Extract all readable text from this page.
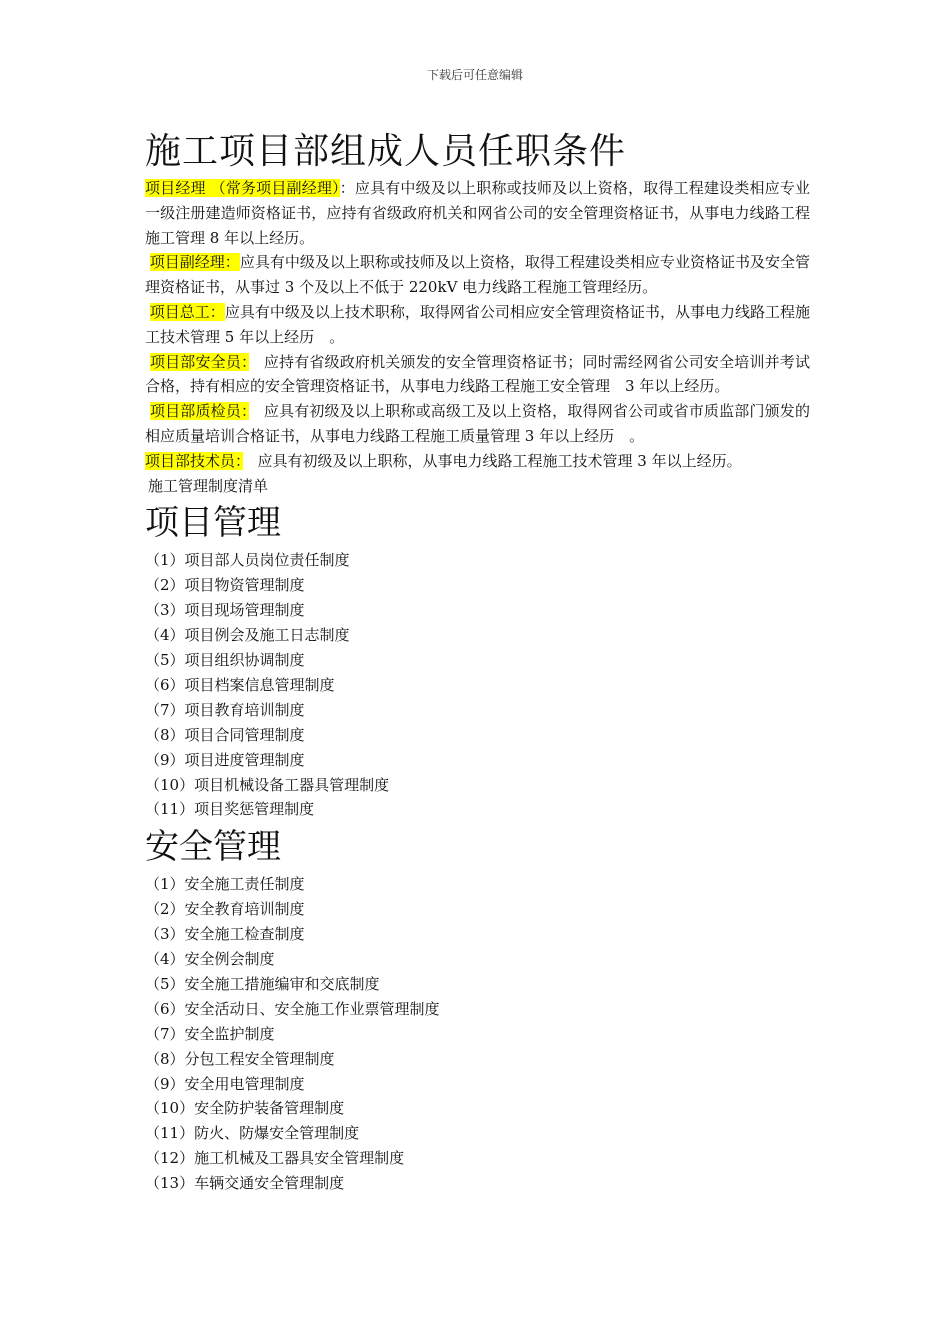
下载后可任意编辑
施工项目部组成人员任职条件

项目经理 （常务项目副经理）：应具有中级及以上职称或技师及以上资格，取得工程建设类相应专业　一级注册建造师资格证书，应持有省级政府机关和网省公司的安全管理资格证书，从事电力线路工程施工管理 8 年以上经历。

项目副经理：应具有中级及以上职称或技师及以上资格，取得工程建设类相应专业资格证书及安全管理资格证书，从事过 3 个及以上不低于 220kV 电力线路工程施工管理经历。

项目总工：应具有中级及以上技术职称，取得网省公司相应安全管理资格证书，从事电力线路工程施工技术管理 5 年以上经历　。

项目部安全员：　应持有省级政府机关颁发的安全管理资格证书；同时需经网省公司安全培训并考试合格，持有相应的安全管理资格证书，从事电力线路工程施工安全管理　3 年以上经历。

项目部质检员：　应具有初级及以上职称或高级工及以上资格，取得网省公司或省市质监部门颁发的相应质量培训合格证书，从事电力线路工程施工质量管理 3 年以上经历　。

项目部技术员：　应具有初级及以上职称，从事电力线路工程施工技术管理 3 年以上经历。

施工管理制度清单

项目管理
（1）项目部人员岗位责任制度
（2）项目物资管理制度
（3）项目现场管理制度
（4）项目例会及施工日志制度
（5）项目组织协调制度
（6）项目档案信息管理制度
（7）项目教育培训制度
（8）项目合同管理制度
（9）项目进度管理制度
（10）项目机械设备工器具管理制度
（11）项目奖惩管理制度
安全管理
（1）安全施工责任制度
（2）安全教育培训制度
（3）安全施工检查制度
（4）安全例会制度
（5）安全施工措施编审和交底制度
（6）安全活动日、安全施工作业票管理制度
（7）安全监护制度
（8）分包工程安全管理制度
（9）安全用电管理制度
（10）安全防护装备管理制度
（11）防火、防爆安全管理制度
（12）施工机械及工器具安全管理制度
（13）车辆交通安全管理制度
